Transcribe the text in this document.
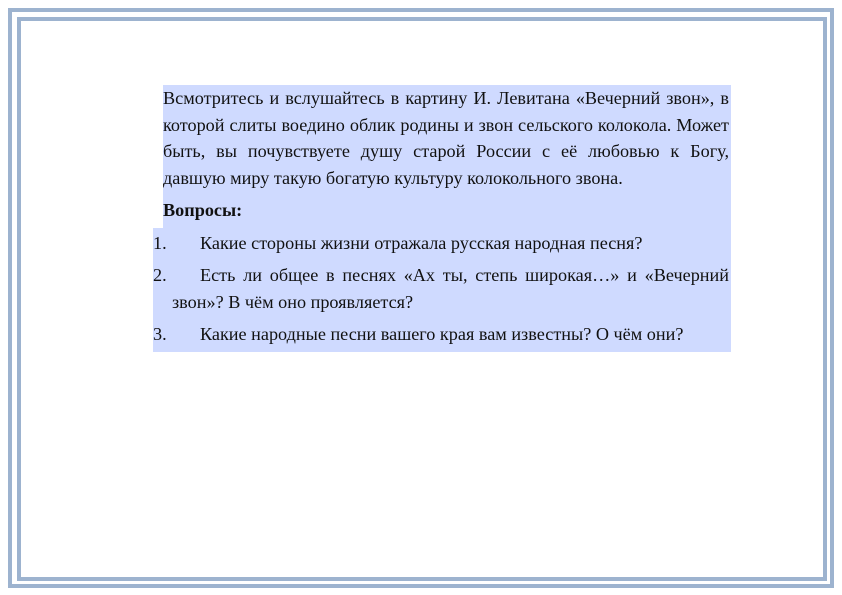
Всмотритесь и вслушайтесь в картину И. Левитана «Вечерний звон», в которой слиты воедино облик родины и звон сельского колокола. Может быть, вы почувствуете душу старой России с её любовью к Богу, давшую миру такую богатую культуру колокольного звона.
Вопросы:
1. Какие стороны жизни отражала русская народная песня?
2. Есть ли общее в песнях «Ах ты, степь широкая…» и «Вечерний звон»? В чём оно проявляется?
3. Какие народные песни вашего края вам известны? О чём они?
